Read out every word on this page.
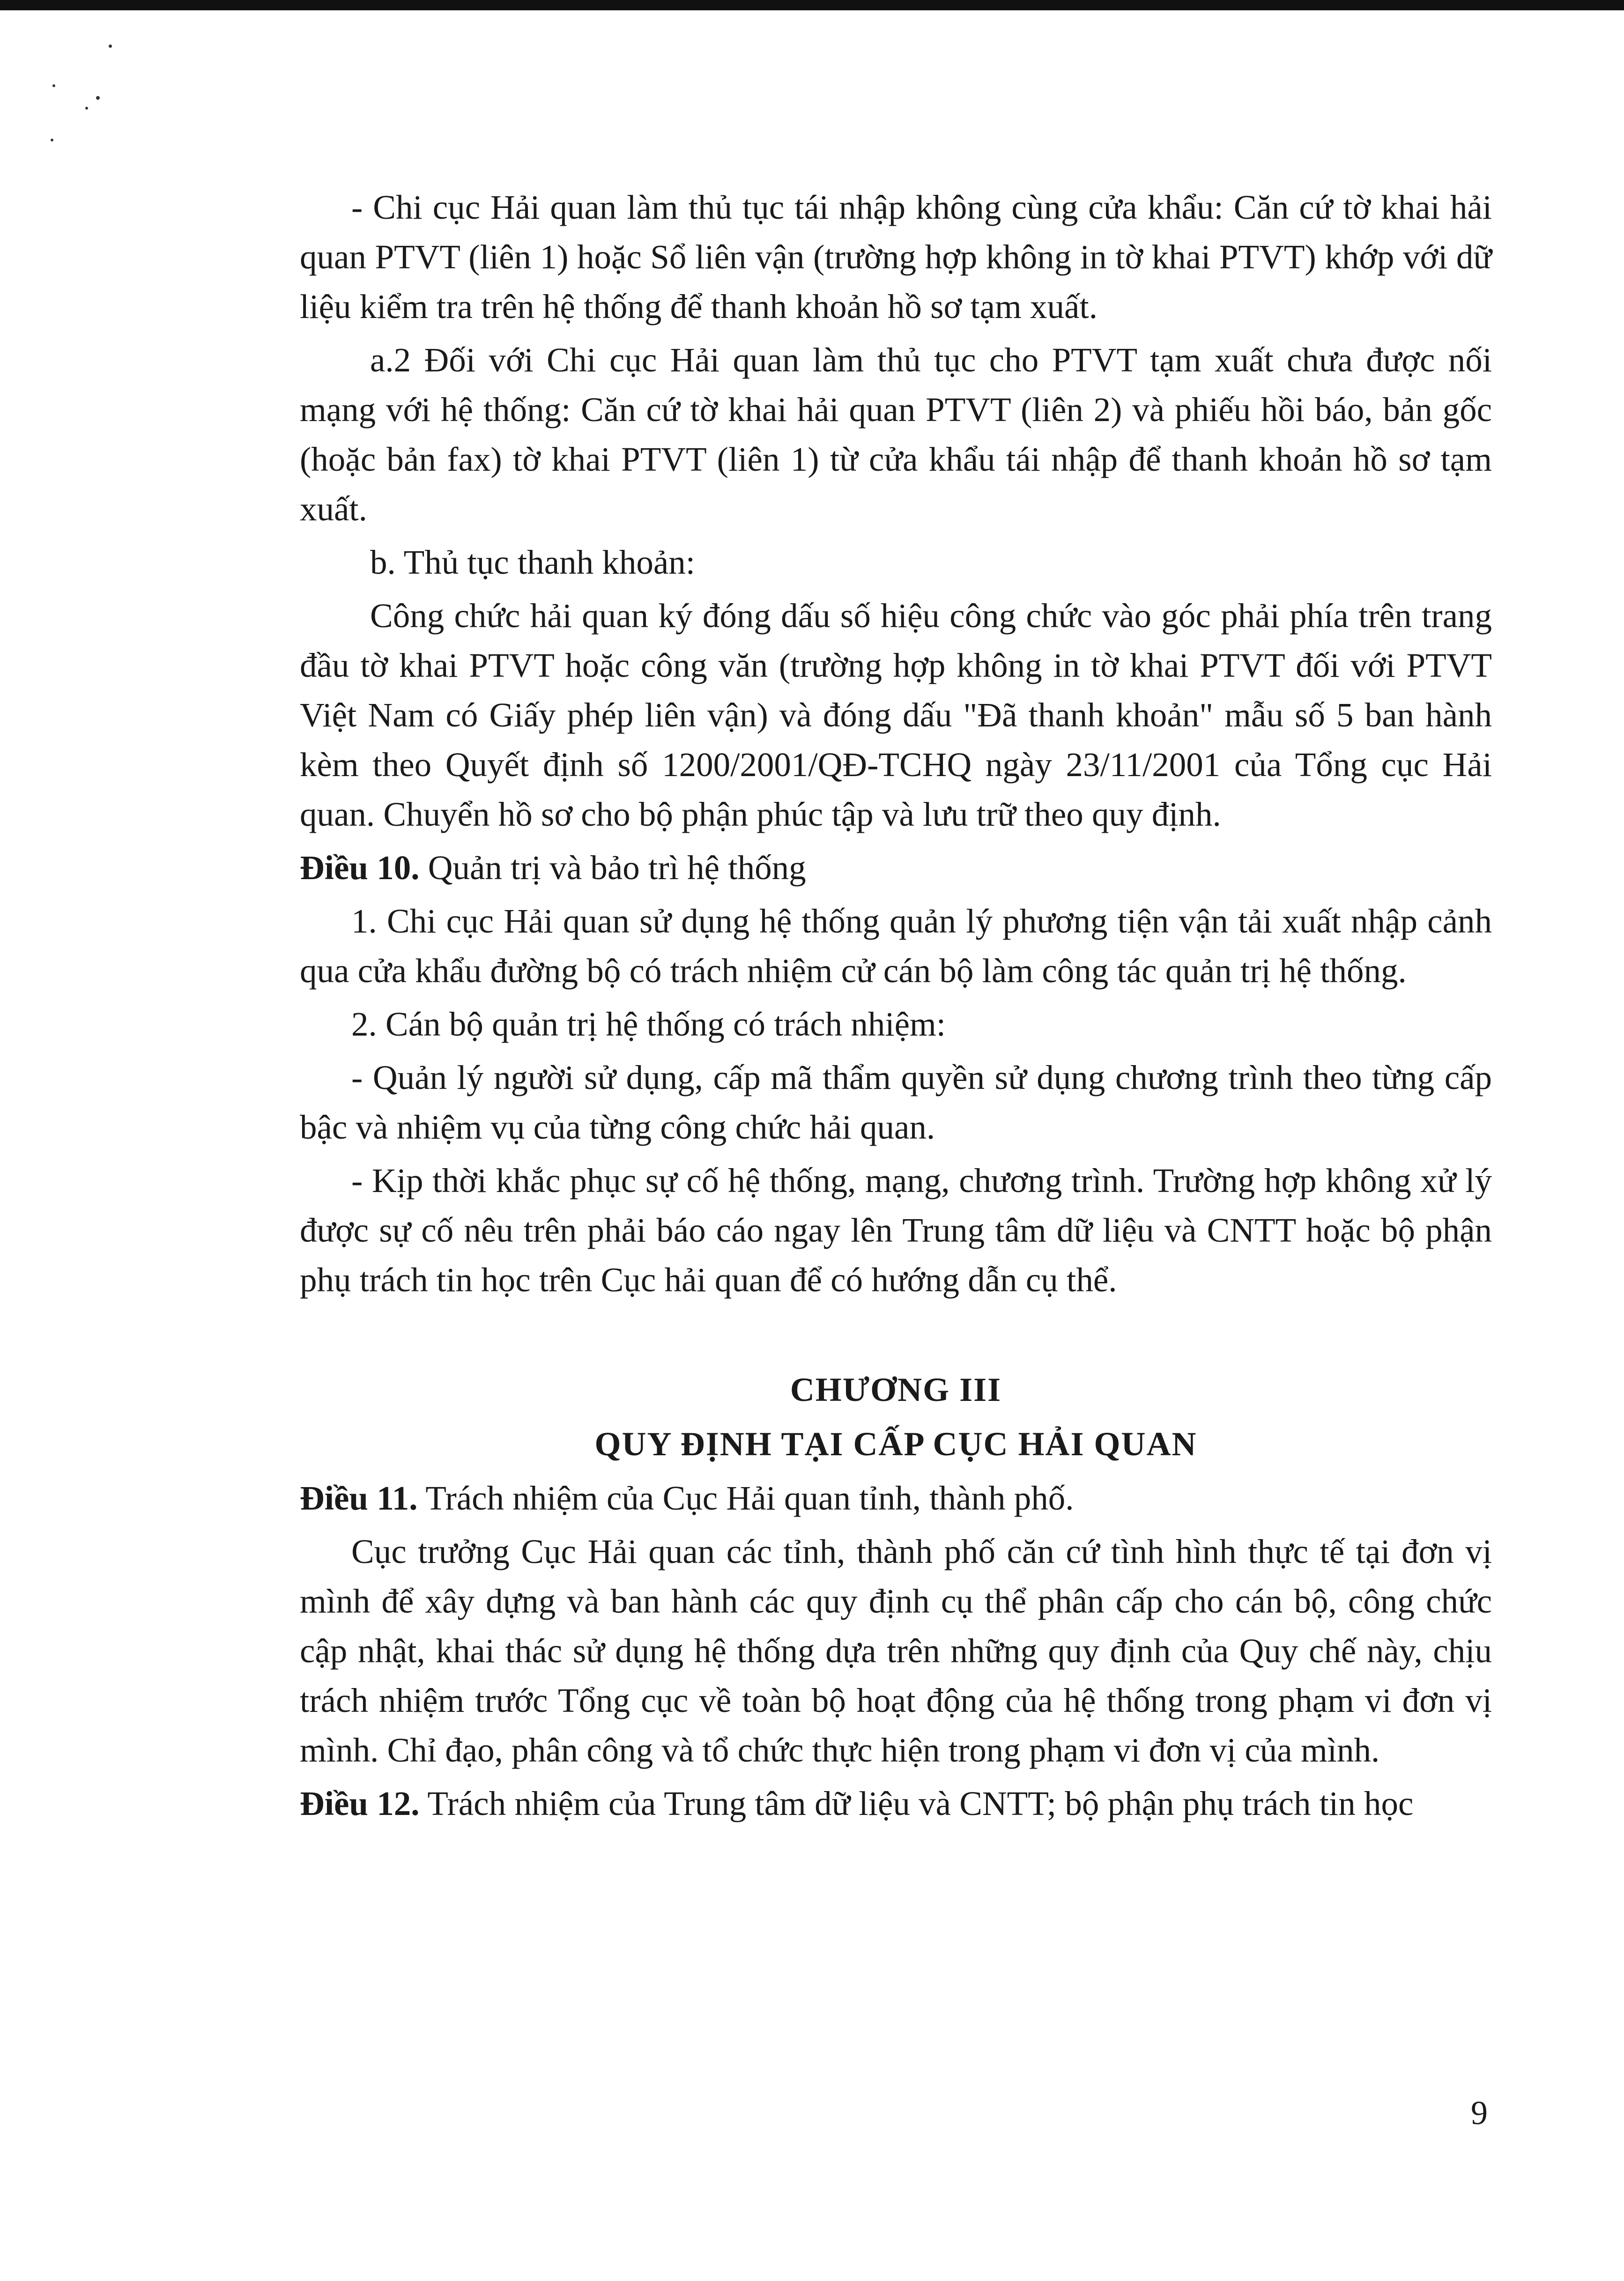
- Chi cục Hải quan làm thủ tục tái nhập không cùng cửa khẩu: Căn cứ tờ khai hải quan PTVT (liên 1) hoặc Sổ liên vận (trường hợp không in tờ khai PTVT) khớp với dữ liệu kiểm tra trên hệ thống để thanh khoản hồ sơ tạm xuất.

a.2 Đối với Chi cục Hải quan làm thủ tục cho PTVT tạm xuất chưa được nối mạng với hệ thống: Căn cứ tờ khai hải quan PTVT (liên 2) và phiếu hồi báo, bản gốc (hoặc bản fax) tờ khai PTVT (liên 1) từ cửa khẩu tái nhập để thanh khoản hồ sơ tạm xuất.

b. Thủ tục thanh khoản:

Công chức hải quan ký đóng dấu số hiệu công chức vào góc phải phía trên trang đầu tờ khai PTVT hoặc công văn (trường hợp không in tờ khai PTVT đối với PTVT Việt Nam có Giấy phép liên vận) và đóng dấu "Đã thanh khoản" mẫu số 5 ban hành kèm theo Quyết định số 1200/2001/QĐ-TCHQ ngày 23/11/2001 của Tổng cục Hải quan. Chuyển hồ sơ cho bộ phận phúc tập và lưu trữ theo quy định.

Điều 10. Quản trị và bảo trì hệ thống

1. Chi cục Hải quan sử dụng hệ thống quản lý phương tiện vận tải xuất nhập cảnh qua cửa khẩu đường bộ có trách nhiệm cử cán bộ làm công tác quản trị hệ thống.

2. Cán bộ quản trị hệ thống có trách nhiệm:

- Quản lý người sử dụng, cấp mã thẩm quyền sử dụng chương trình theo từng cấp bậc và nhiệm vụ của từng công chức hải quan.

- Kịp thời khắc phục sự cố hệ thống, mạng, chương trình. Trường hợp không xử lý được sự cố nêu trên phải báo cáo ngay lên Trung tâm dữ liệu và CNTT hoặc bộ phận phụ trách tin học trên Cục hải quan để có hướng dẫn cụ thể.

CHƯƠNG III

QUY ĐỊNH TẠI CẤP CỤC HẢI QUAN

Điều 11. Trách nhiệm của Cục Hải quan tỉnh, thành phố.

Cục trưởng Cục Hải quan các tỉnh, thành phố căn cứ tình hình thực tế tại đơn vị mình để xây dựng và ban hành các quy định cụ thể phân cấp cho cán bộ, công chức cập nhật, khai thác sử dụng hệ thống dựa trên những quy định của Quy chế này, chịu trách nhiệm trước Tổng cục về toàn bộ hoạt động của hệ thống trong phạm vi đơn vị mình. Chỉ đạo, phân công và tổ chức thực hiện trong phạm vi đơn vị của mình.

Điều 12. Trách nhiệm của Trung tâm dữ liệu và CNTT; bộ phận phụ trách tin học

9
